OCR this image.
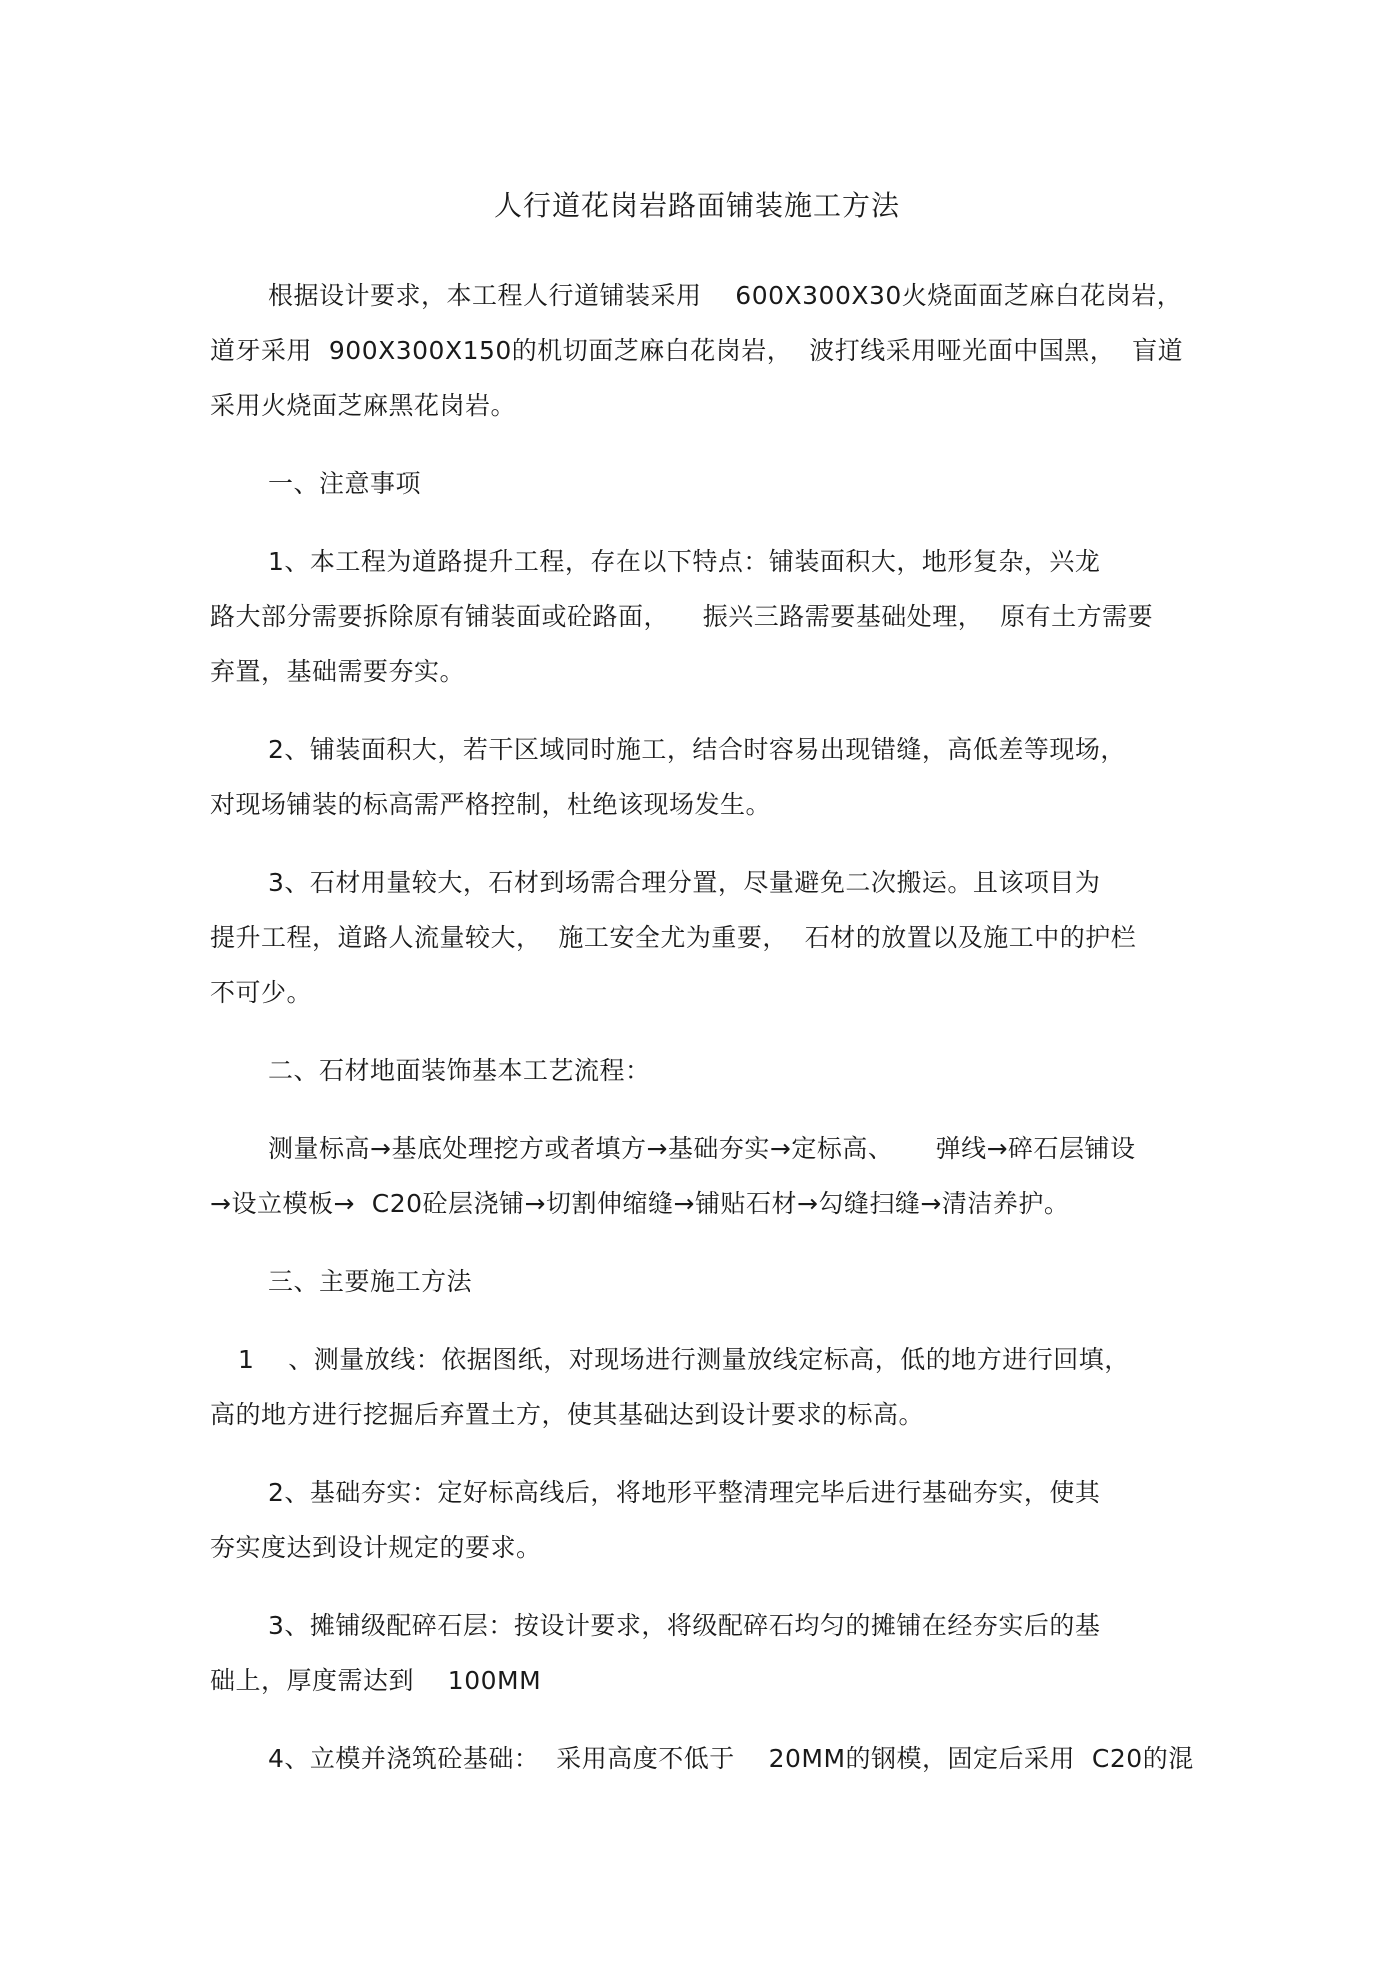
人行道花岗岩路面铺装施工方法
根据设计要求，本工程人行道铺装采用    600X300X30火烧面面芝麻白花岗岩，
道牙采用  900X300X150的机切面芝麻白花岗岩，  波打线采用哑光面中国黑，  盲道
采用火烧面芝麻黑花岗岩。
一、注意事项
1、本工程为道路提升工程，存在以下特点：铺装面积大，地形复杂，兴龙
路大部分需要拆除原有铺装面或砼路面，    振兴三路需要基础处理，  原有土方需要
弃置，基础需要夯实。
2、铺装面积大，若干区域同时施工，结合时容易出现错缝，高低差等现场，
对现场铺装的标高需严格控制，杜绝该现场发生。
3、石材用量较大，石材到场需合理分置，尽量避免二次搬运。且该项目为
提升工程，道路人流量较大，  施工安全尤为重要，  石材的放置以及施工中的护栏
不可少。
二、石材地面装饰基本工艺流程：
测量标高→基底处理挖方或者填方→基础夯实→定标高、     弹线→碎石层铺设
→设立模板→  C20砼层浇铺→切割伸缩缝→铺贴石材→勾缝扫缝→清洁养护。
三、主要施工方法
1    、测量放线：依据图纸，对现场进行测量放线定标高，低的地方进行回填，
高的地方进行挖掘后弃置土方，使其基础达到设计要求的标高。
2、基础夯实：定好标高线后，将地形平整清理完毕后进行基础夯实，使其
夯实度达到设计规定的要求。
3、摊铺级配碎石层：按设计要求，将级配碎石均匀的摊铺在经夯实后的基
础上，厚度需达到    100MM
4、立模并浇筑砼基础：  采用高度不低于    20MM的钢模，固定后采用  C20的混
